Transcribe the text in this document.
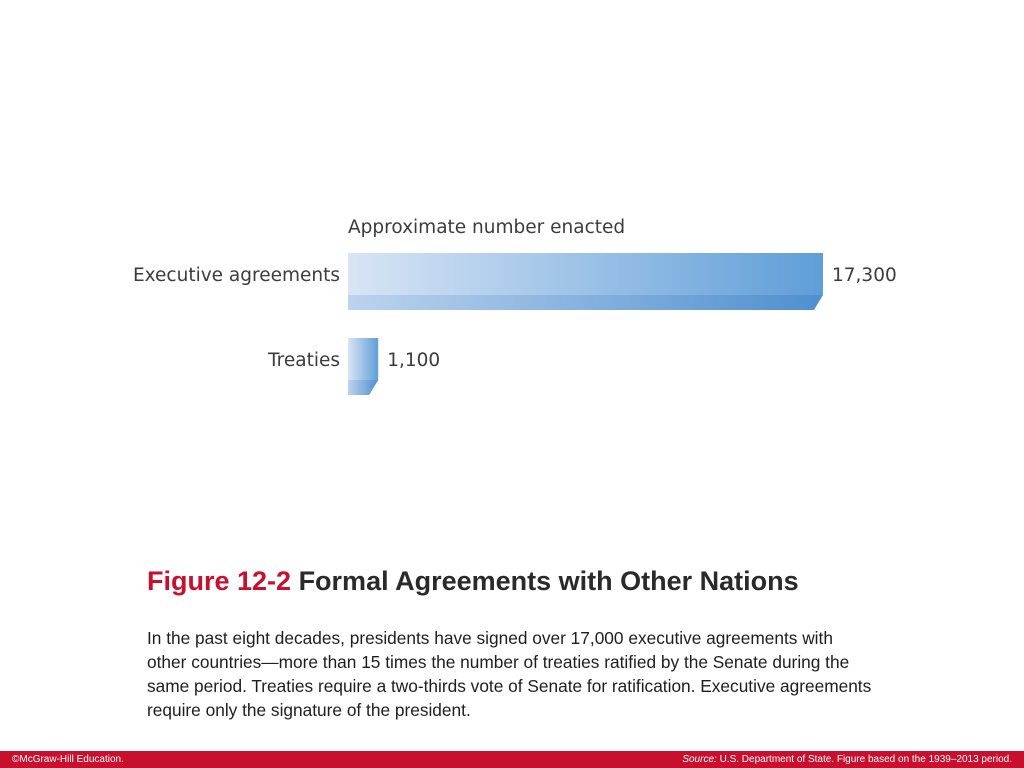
Approximate number enacted
Executive agreements	17,300
Treaties	1,100
Figure 12-2 Formal Agreements with Other Nations

In the past eight decades, presidents have signed over 17,000 executive agreements with other countries—more than 15 times the number of treaties ratified by the Senate during the same period. Treaties require a two-thirds vote of Senate for ratification. Executive agreements require only the signature of the president.

©McGraw-Hill Education.	Source: U.S. Department of State. Figure based on the 1939–2013 period.
